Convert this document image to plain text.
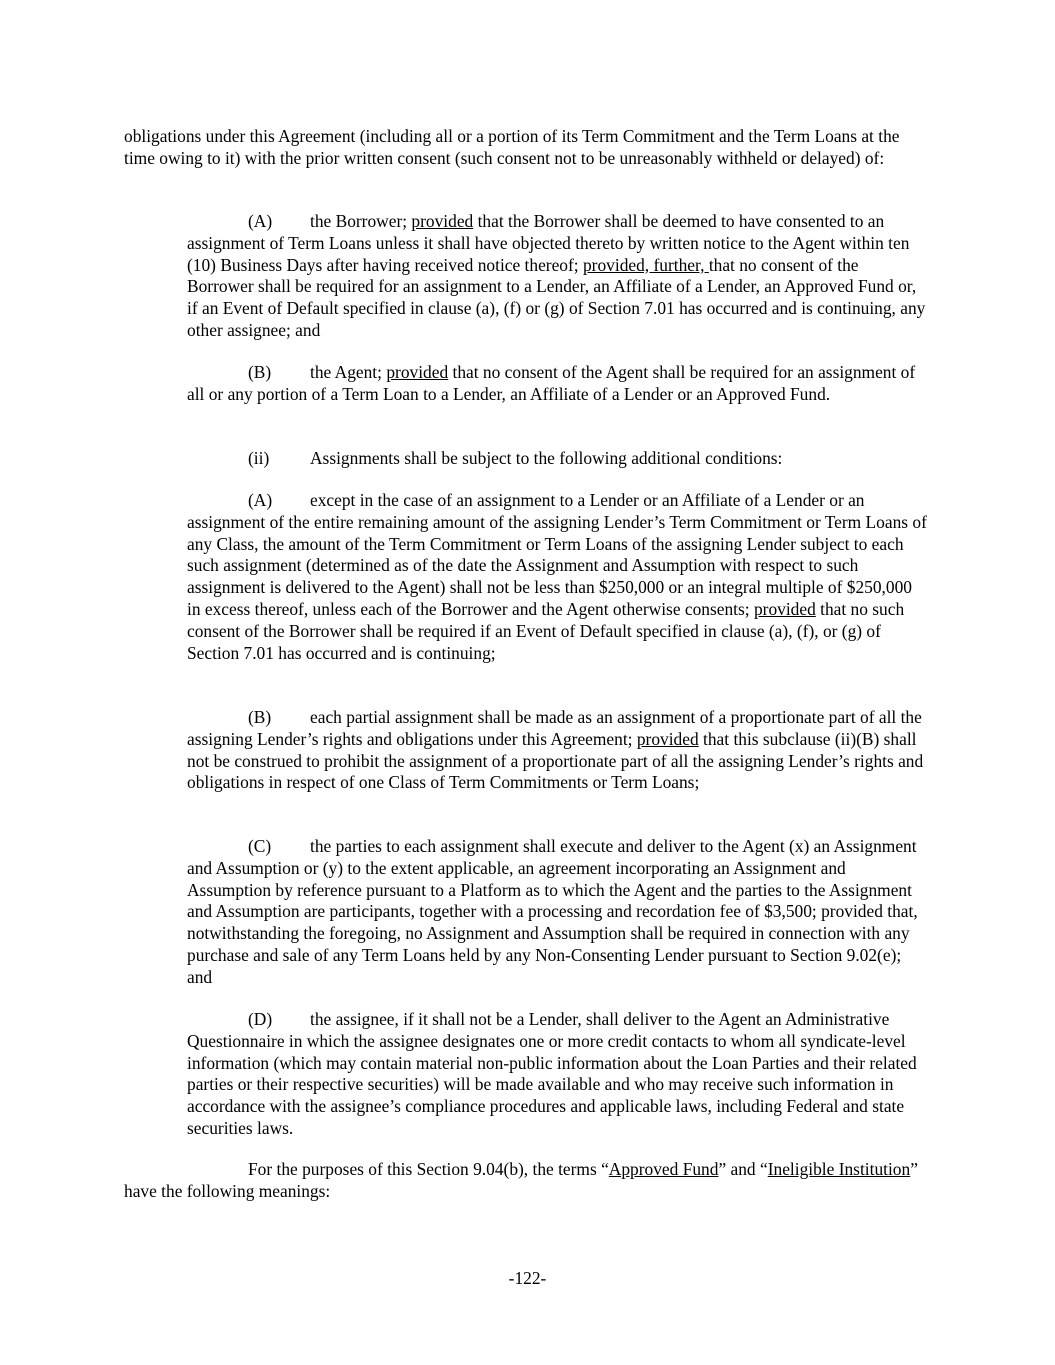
obligations under this Agreement (including all or a portion of its Term Commitment and the Term Loans at the time owing to it) with the prior written consent (such consent not to be unreasonably withheld or delayed) of:

(A) the Borrower; provided that the Borrower shall be deemed to have consented to an assignment of Term Loans unless it shall have objected thereto by written notice to the Agent within ten (10) Business Days after having received notice thereof; provided, further, that no consent of the Borrower shall be required for an assignment to a Lender, an Affiliate of a Lender, an Approved Fund or, if an Event of Default specified in clause (a), (f) or (g) of Section 7.01 has occurred and is continuing, any other assignee; and

(B) the Agent; provided that no consent of the Agent shall be required for an assignment of all or any portion of a Term Loan to a Lender, an Affiliate of a Lender or an Approved Fund.

(ii) Assignments shall be subject to the following additional conditions:

(A) except in the case of an assignment to a Lender or an Affiliate of a Lender or an assignment of the entire remaining amount of the assigning Lender’s Term Commitment or Term Loans of any Class, the amount of the Term Commitment or Term Loans of the assigning Lender subject to each such assignment (determined as of the date the Assignment and Assumption with respect to such assignment is delivered to the Agent) shall not be less than $250,000 or an integral multiple of $250,000 in excess thereof, unless each of the Borrower and the Agent otherwise consents; provided that no such consent of the Borrower shall be required if an Event of Default specified in clause (a), (f), or (g) of Section 7.01 has occurred and is continuing;

(B) each partial assignment shall be made as an assignment of a proportionate part of all the assigning Lender’s rights and obligations under this Agreement; provided that this subclause (ii)(B) shall not be construed to prohibit the assignment of a proportionate part of all the assigning Lender’s rights and obligations in respect of one Class of Term Commitments or Term Loans;

(C) the parties to each assignment shall execute and deliver to the Agent (x) an Assignment and Assumption or (y) to the extent applicable, an agreement incorporating an Assignment and Assumption by reference pursuant to a Platform as to which the Agent and the parties to the Assignment and Assumption are participants, together with a processing and recordation fee of $3,500; provided that, notwithstanding the foregoing, no Assignment and Assumption shall be required in connection with any purchase and sale of any Term Loans held by any Non-Consenting Lender pursuant to Section 9.02(e); and

(D) the assignee, if it shall not be a Lender, shall deliver to the Agent an Administrative Questionnaire in which the assignee designates one or more credit contacts to whom all syndicate-level information (which may contain material non-public information about the Loan Parties and their related parties or their respective securities) will be made available and who may receive such information in accordance with the assignee’s compliance procedures and applicable laws, including Federal and state securities laws.

For the purposes of this Section 9.04(b), the terms “Approved Fund” and “Ineligible Institution” have the following meanings:

-122-
